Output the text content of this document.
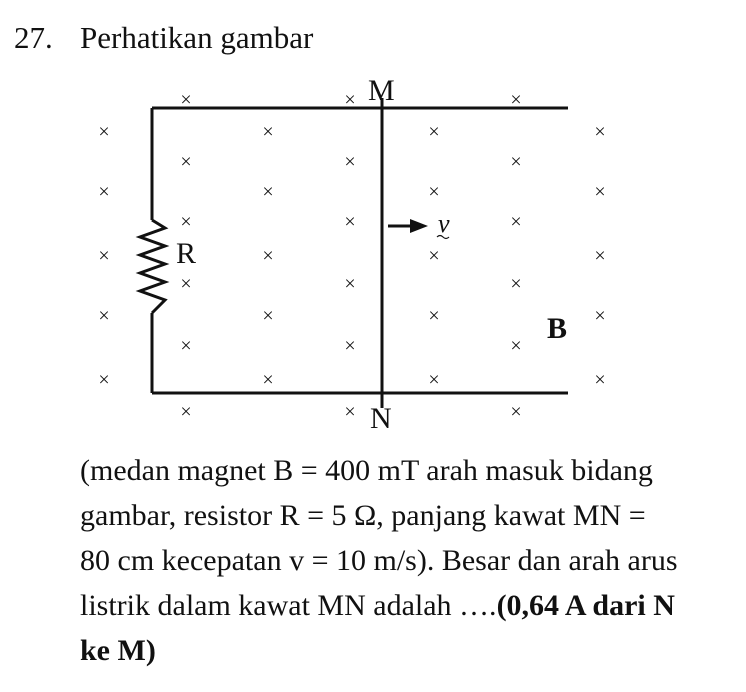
27. Perhatikan gambar
M
N
R
v
B
×
×
×
×
×
×
×
×
×
×
×
×
×
×
×
×
×
×
×
×
×
×
×
×
×
×
×
×
×
×
×
×
×
×
×
×
×
×
(medan magnet B = 400 mT arah masuk bidang
gambar, resistor R = 5 Ω, panjang kawat MN =
80 cm kecepatan v = 10 m/s). Besar dan arah arus
listrik dalam kawat MN adalah ….(0,64 A dari N
ke M)
